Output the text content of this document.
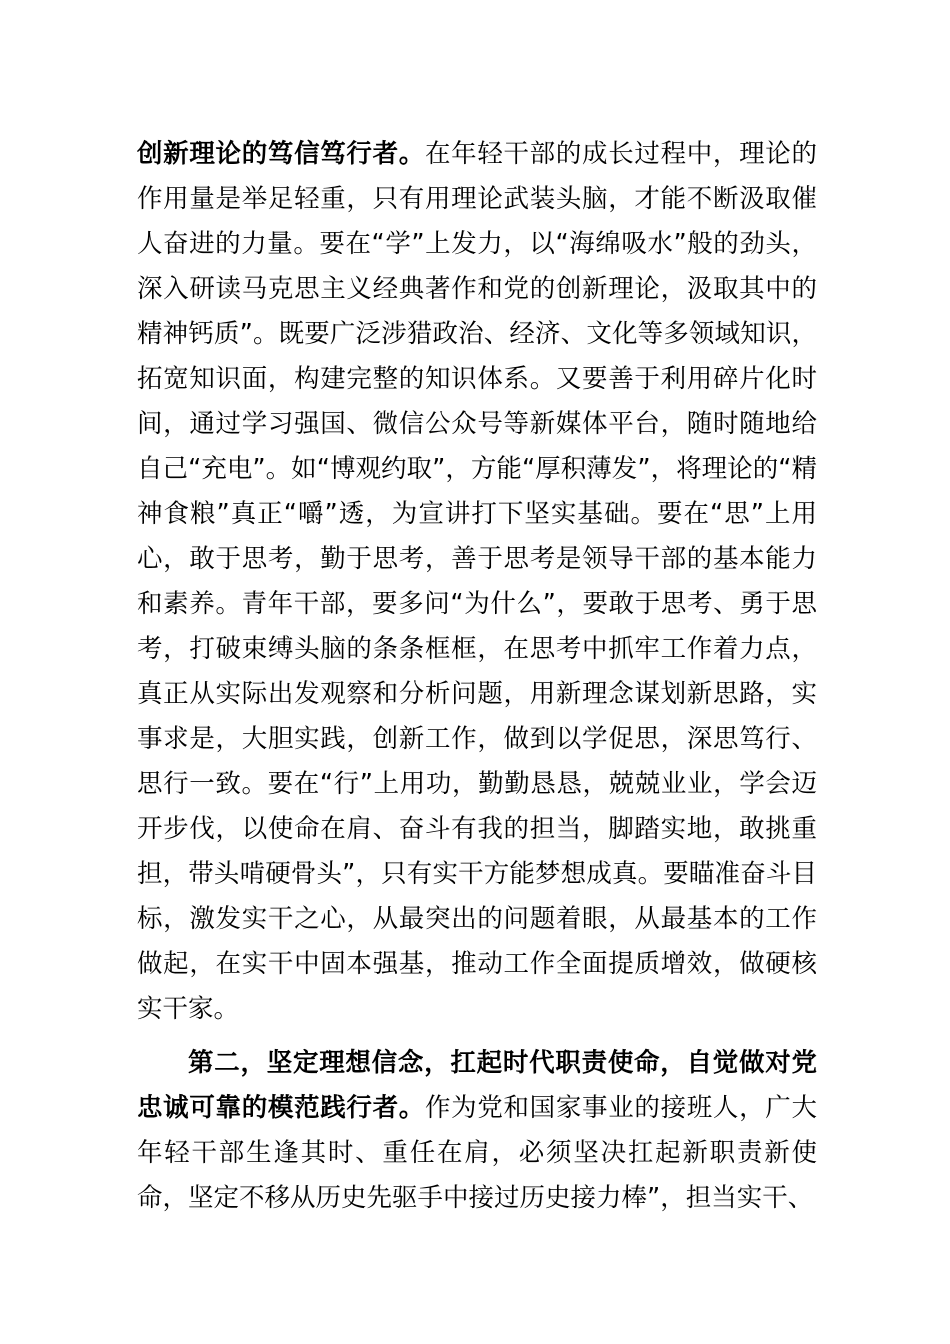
创新理论的笃信笃行者。在年轻干部的成长过程中，理论的作用量是举足轻重，只有用理论武装头脑，才能不断汲取催人奋进的力量。要在“学”上发力，以“海绵吸水”般的劲头，深入研读马克思主义经典著作和党的创新理论，汲取其中的精神钙质”。既要广泛涉猎政治、经济、文化等多领域知识，拓宽知识面，构建完整的知识体系。又要善于利用碎片化时间，通过学习强国、微信公众号等新媒体平台，随时随地给自己“充电”。如“博观约取”，方能“厚积薄发”，将理论的“精神食粮”真正“嚼”透，为宣讲打下坚实基础。要在“思”上用心，敢于思考，勤于思考，善于思考是领导干部的基本能力和素养。青年干部，要多问“为什么”，要敢于思考、勇于思考，打破束缚头脑的条条框框，在思考中抓牢工作着力点，真正从实际出发观察和分析问题，用新理念谋划新思路，实事求是，大胆实践，创新工作，做到以学促思，深思笃行、思行一致。要在“行”上用功，勤勤恳恳，兢兢业业，学会迈开步伐，以使命在肩、奋斗有我的担当，脚踏实地，敢挑重担，带头啃硬骨头”，只有实干方能梦想成真。要瞄准奋斗目标，激发实干之心，从最突出的问题着眼，从最基本的工作做起，在实干中固本强基，推动工作全面提质增效，做硬核实干家。

第二，坚定理想信念，扛起时代职责使命，自觉做对党忠诚可靠的模范践行者。作为党和国家事业的接班人，广大年轻干部生逢其时、重任在肩，必须坚决扛起新职责新使命，坚定不移从历史先驱手中接过历史接力棒”，担当实干、
